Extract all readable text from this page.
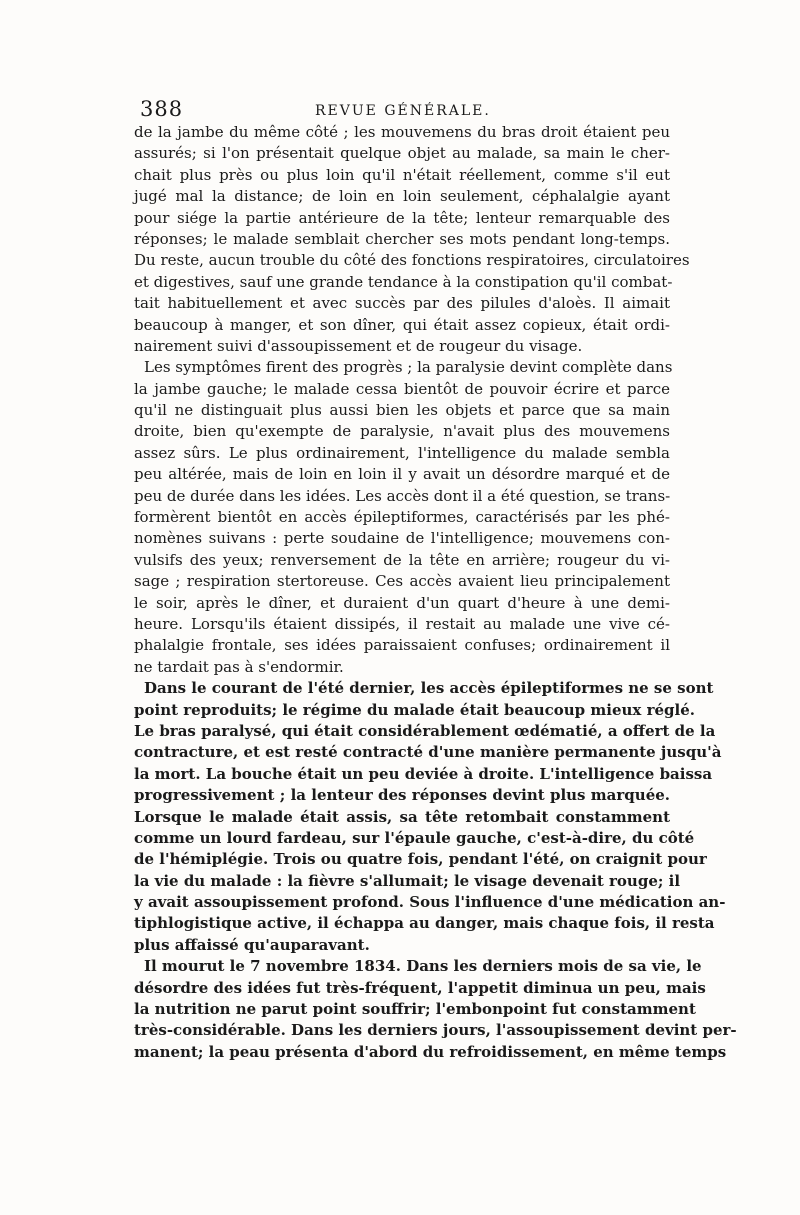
388	REVUE GÉNÉRALE.
de la jambe du même côté ; les mouvemens du bras droit étaient peu
assurés; si l'on présentait quelque objet au malade, sa main le cher-
chait plus près ou plus loin qu'il n'était réellement, comme s'il eut
jugé mal la distance; de loin en loin seulement, céphalalgie ayant
pour siége la partie antérieure de la tête; lenteur remarquable des
réponses; le malade semblait chercher ses mots pendant long-temps.
Du reste, aucun trouble du côté des fonctions respiratoires, circulatoires
et digestives, sauf une grande tendance à la constipation qu'il combat-
tait habituellement et avec succès par des pilules d'aloès. Il aimait
beaucoup à manger, et son dîner, qui était assez copieux, était ordi-
nairement suivi d'assoupissement et de rougeur du visage.
Les symptômes firent des progrès ; la paralysie devint complète dans
la jambe gauche; le malade cessa bientôt de pouvoir écrire et parce
qu'il ne distinguait plus aussi bien les objets et parce que sa main
droite, bien qu'exempte de paralysie, n'avait plus des mouvemens
assez sûrs. Le plus ordinairement, l'intelligence du malade sembla
peu altérée, mais de loin en loin il y avait un désordre marqué et de
peu de durée dans les idées. Les accès dont il a été question, se trans-
formèrent bientôt en accès épileptiformes, caractérisés par les phé-
nomènes suivans : perte soudaine de l'intelligence; mouvemens con-
vulsifs des yeux; renversement de la tête en arrière; rougeur du vi-
sage ; respiration stertoreuse. Ces accès avaient lieu principalement
le soir, après le dîner, et duraient d'un quart d'heure à une demi-
heure. Lorsqu'ils étaient dissipés, il restait au malade une vive cé-
phalalgie frontale, ses idées paraissaient confuses; ordinairement il
ne tardait pas à s'endormir.
Dans le courant de l'été dernier, les accès épileptiformes ne se sont
point reproduits; le régime du malade était beaucoup mieux réglé.
Le bras paralysé, qui était considérablement œdématié, a offert de la
contracture, et est resté contracté d'une manière permanente jusqu'à
la mort. La bouche était un peu deviée à droite. L'intelligence baissa
progressivement ; la lenteur des réponses devint plus marquée.
Lorsque le malade était assis, sa tête retombait constamment
comme un lourd fardeau, sur l'épaule gauche, c'est-à-dire, du côté
de l'hémiplégie. Trois ou quatre fois, pendant l'été, on craignit pour
la vie du malade : la fièvre s'allumait; le visage devenait rouge; il
y avait assoupissement profond. Sous l'influence d'une médication an-
tiphlogistique active, il échappa au danger, mais chaque fois, il resta
plus affaissé qu'auparavant.
Il mourut le 7 novembre 1834. Dans les derniers mois de sa vie, le
désordre des idées fut très-fréquent, l'appetit diminua un peu, mais
la nutrition ne parut point souffrir; l'embonpoint fut constamment
très-considérable. Dans les derniers jours, l'assoupissement devint per-
manent; la peau présenta d'abord du refroidissement, en même temps
